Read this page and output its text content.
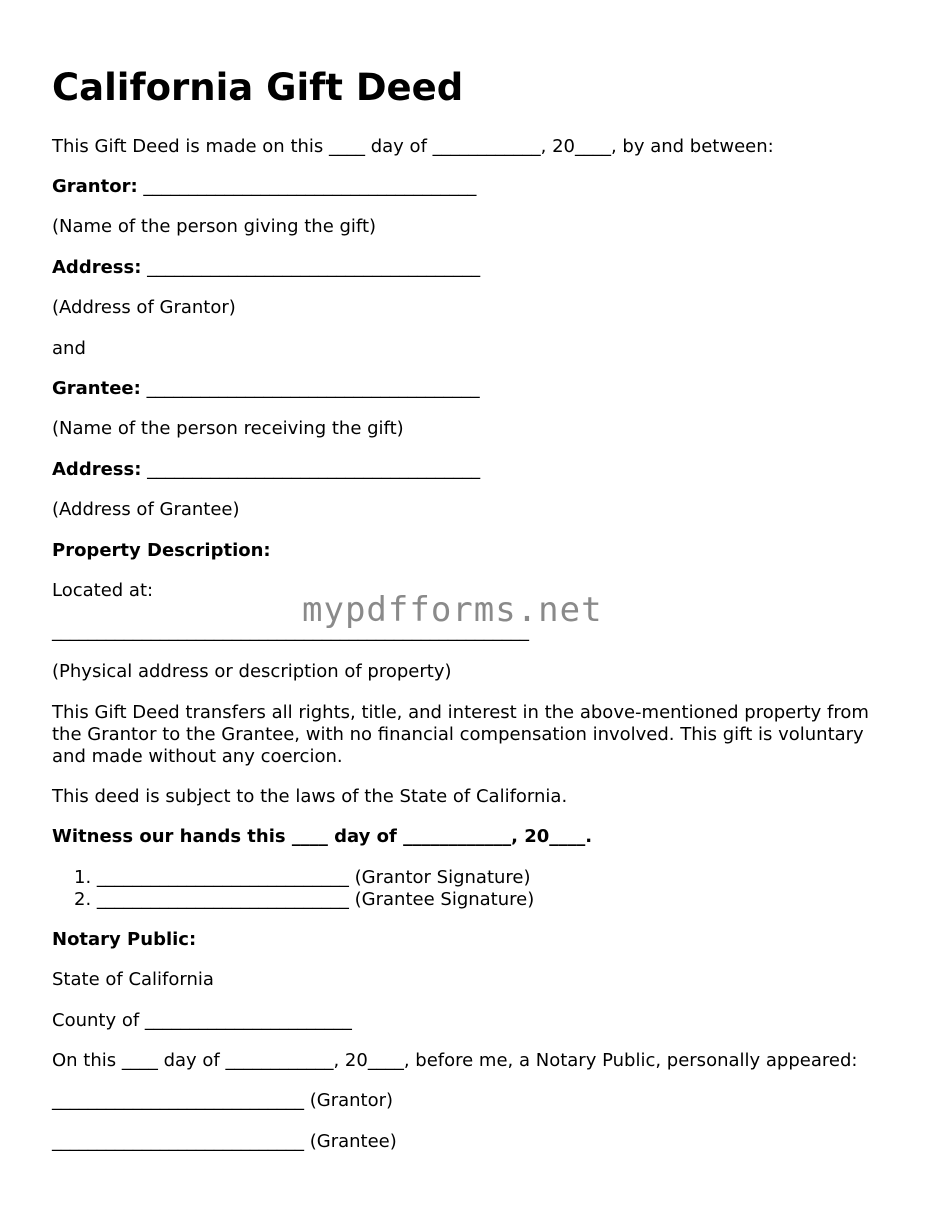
California Gift Deed
This Gift Deed is made on this ____ day of ____________, 20____, by and between:
Grantor: _____________________________________
(Name of the person giving the gift)
Address: _____________________________________
(Address of Grantor)
and
Grantee: _____________________________________
(Name of the person receiving the gift)
Address: _____________________________________
(Address of Grantee)
Property Description:
Located at:
_____________________________________________________
(Physical address or description of property)
This Gift Deed transfers all rights, title, and interest in the above-mentioned property from the Grantor to the Grantee, with no financial compensation involved. This gift is voluntary and made without any coercion.
This deed is subject to the laws of the State of California.
Witness our hands this ____ day of ____________, 20____.
1. ____________________________ (Grantor Signature)
2. ____________________________ (Grantee Signature)
Notary Public:
State of California
County of _______________________
On this ____ day of ____________, 20____, before me, a Notary Public, personally appeared:
____________________________ (Grantor)
____________________________ (Grantee)
mypdfforms.net
